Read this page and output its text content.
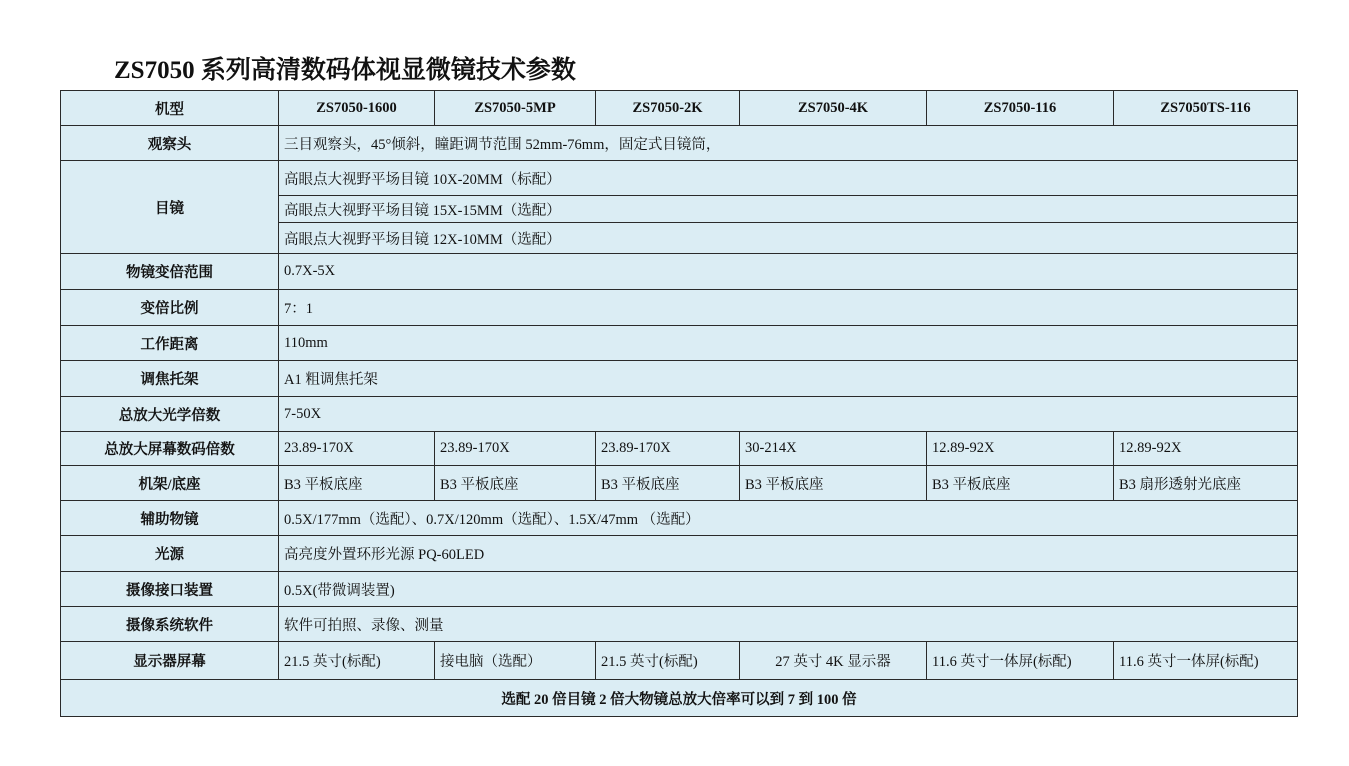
ZS7050 系列高清数码体视显微镜技术参数
机型	ZS7050-1600	ZS7050-5MP	ZS7050-2K	ZS7050-4K	ZS7050-116	ZS7050TS-116
观察头	三目观察头，45°倾斜，瞳距调节范围 52mm-76mm，固定式目镜筒，					
目镜	高眼点大视野平场目镜 10X-20MM（标配）					
	高眼点大视野平场目镜 15X-15MM（选配）					
	高眼点大视野平场目镜 12X-10MM（选配）					
物镜变倍范围	0.7X-5X					
变倍比例	7：1					
工作距离	110mm					
调焦托架	A1 粗调焦托架					
总放大光学倍数	7-50X					
总放大屏幕数码倍数	23.89-170X	23.89-170X	23.89-170X	30-214X	12.89-92X	12.89-92X
机架/底座	B3 平板底座	B3 平板底座	B3 平板底座	B3 平板底座	B3 平板底座	B3 扇形透射光底座
辅助物镜	0.5X/177mm（选配）、0.7X/120mm（选配）、1.5X/47mm （选配）					
光源	高亮度外置环形光源 PQ-60LED					
摄像接口装置	0.5X(带微调装置)					
摄像系统软件	软件可拍照、录像、测量					
显示器屏幕	21.5 英寸(标配)	接电脑（选配）	21.5 英寸(标配)	27 英寸 4K 显示器	11.6 英寸一体屏(标配)	11.6 英寸一体屏(标配)
选配 20 倍目镜 2 倍大物镜总放大倍率可以到 7 到 100 倍						
